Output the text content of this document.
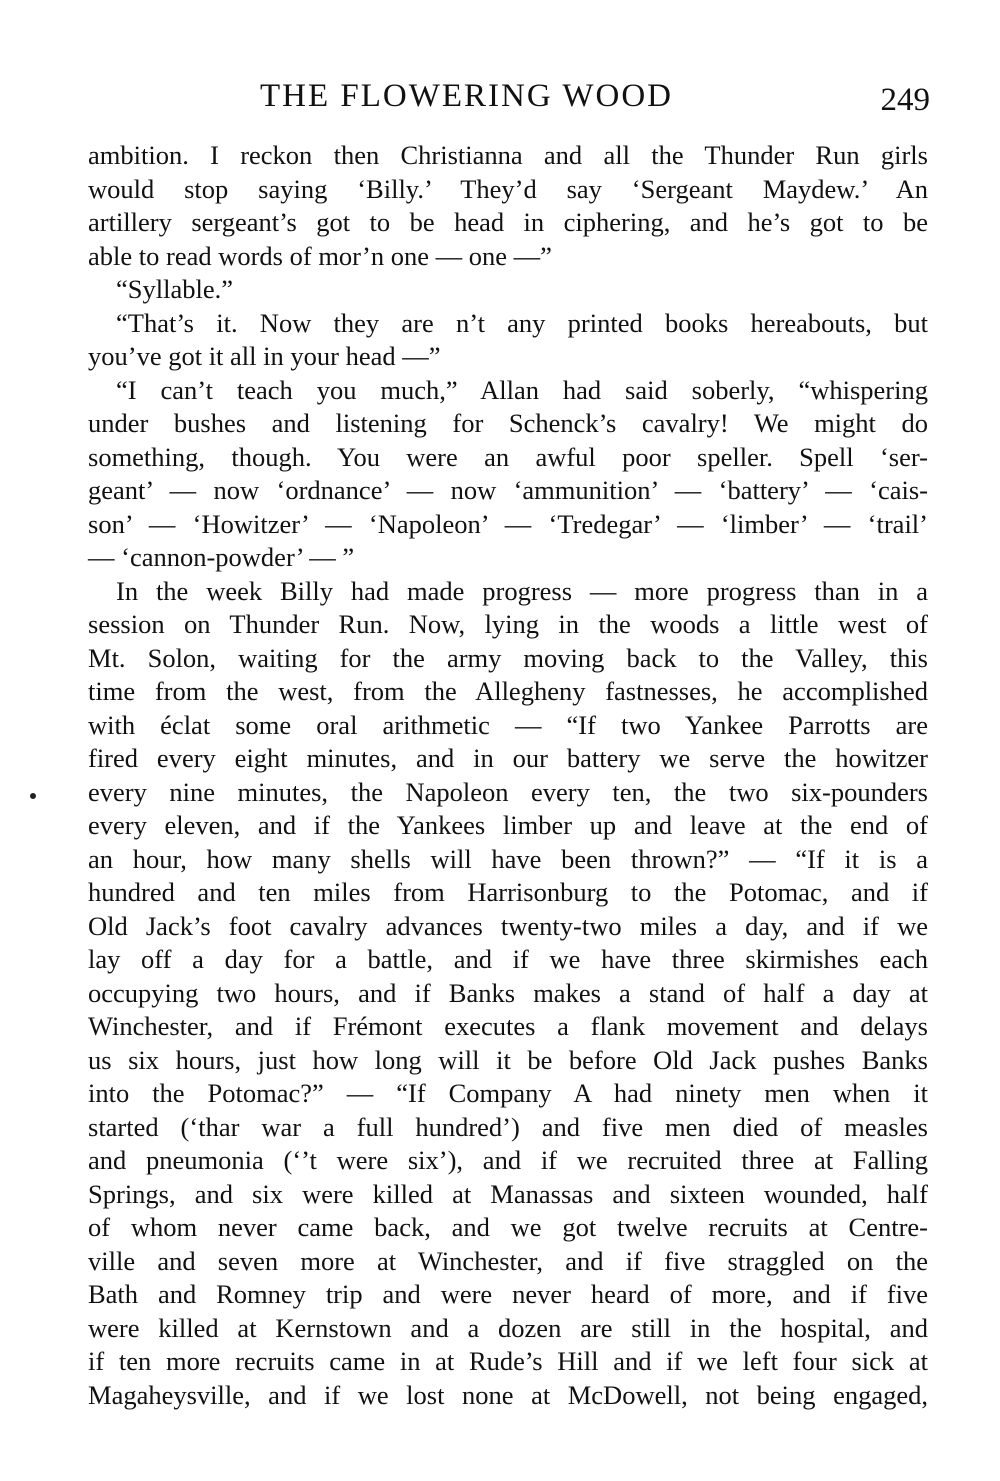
THE FLOWERING WOOD	249
ambition. I reckon then Christianna and all the Thunder Run girls
would stop saying ‘Billy.’ They’d say ‘Sergeant Maydew.’ An
artillery sergeant’s got to be head in ciphering, and he’s got to be
able to read words of mor’n one — one —”
“Syllable.”
“That’s it. Now they are n’t any printed books hereabouts, but
you’ve got it all in your head —”
“I can’t teach you much,” Allan had said soberly, “whispering
under bushes and listening for Schenck’s cavalry! We might do
something, though. You were an awful poor speller. Spell ‘ser-
geant’ — now ‘ordnance’ — now ‘ammunition’ — ‘battery’ — ‘cais-
son’ — ‘Howitzer’ — ‘Napoleon’ — ‘Tredegar’ — ‘limber’ — ‘trail’
— ‘cannon-powder’ — ”
In the week Billy had made progress — more progress than in a
session on Thunder Run. Now, lying in the woods a little west of
Mt. Solon, waiting for the army moving back to the Valley, this
time from the west, from the Allegheny fastnesses, he accomplished
with éclat some oral arithmetic — “If two Yankee Parrotts are
fired every eight minutes, and in our battery we serve the howitzer
every nine minutes, the Napoleon every ten, the two six-pounders
every eleven, and if the Yankees limber up and leave at the end of
an hour, how many shells will have been thrown?” — “If it is a
hundred and ten miles from Harrisonburg to the Potomac, and if
Old Jack’s foot cavalry advances twenty-two miles a day, and if we
lay off a day for a battle, and if we have three skirmishes each
occupying two hours, and if Banks makes a stand of half a day at
Winchester, and if Frémont executes a flank movement and delays
us six hours, just how long will it be before Old Jack pushes Banks
into the Potomac?” — “If Company A had ninety men when it
started (‘thar war a full hundred’) and five men died of measles
and pneumonia (‘’t were six’), and if we recruited three at Falling
Springs, and six were killed at Manassas and sixteen wounded, half
of whom never came back, and we got twelve recruits at Centre-
ville and seven more at Winchester, and if five straggled on the
Bath and Romney trip and were never heard of more, and if five
were killed at Kernstown and a dozen are still in the hospital, and
if ten more recruits came in at Rude’s Hill and if we left four sick at
Magaheysville, and if we lost none at McDowell, not being engaged,
